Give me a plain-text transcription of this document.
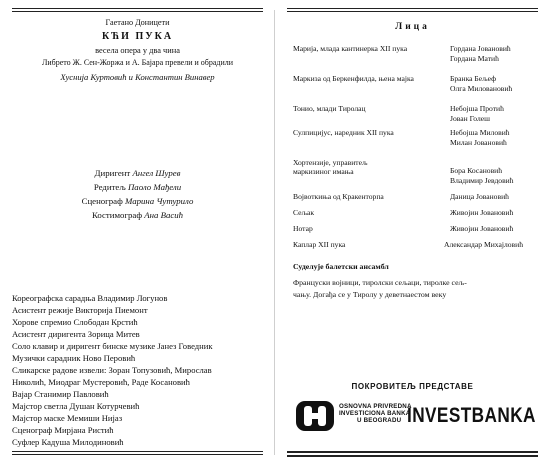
Гаетано Доницети
КЋИ ПУКА
весела опера у два чина
Либрето Ж. Сен-Жоржа и А. Бајара превели и обрадили
Хусниja Куртовић и Константин Винавер
Диригент Ангел Шурев
Редитељ Паоло Мађели
Сценограф Марина Чутурило
Костимограф Ана Васић
Кореографска сарадња Владимир Логунов
Асистент режије Викторија Пиемонт
Хорове спремио Слободан Крстић
Асистент диригента Зорица Митев
Соло клавир и диригент бинске музике Јанез Говедник
Музички сарадник Ново Перовић
Сликарске радове извели: Зоран Топузовић, Мирослав
Николић, Миодраг Мустеровић, Раде Косановић
Вајар Станимир Павловић
Мајстор светла Душан Котурчевић
Мајстор маске Мемиши Нијаз
Суфлер Кадуша Милодиновић
Сценограф Мирјана Ристић
Лица
Марија, млада кантинерка XII пука	Гордана Јовановић
Гордана Матић
Маркиза од Беркенфилда, њена мајка	Бранка Бељеф
Олга Миловановић
Тонио, млади Тиролац	Небојша Протић
Јован Голеш
Сулпицијус, наредник XII пука	Небојша Миловић
Милан Јовановић
Хортензије, управитељ маркизиног имања	Бора Косановић
Владимир Јевдовић
Војвоткиња од Кракенторпа	Даница Јовановић
Сељак	Живојин Јовановић
Нотар	Живојин Јовановић
Каплар XII пука	Александар Михајловић
Суделује балетски ансамбл
Француски војници, тиролски сељаци, тиролке сељ-
чању. Догађа се у Тиролу у деветнаестом веку
ПОКРОВИТЕЉ ПРЕДСТАВЕ
OSNOVNA PRIVREDNA
INVESTICIONA BANKA
U BEOGRADU INVESTBANKA
